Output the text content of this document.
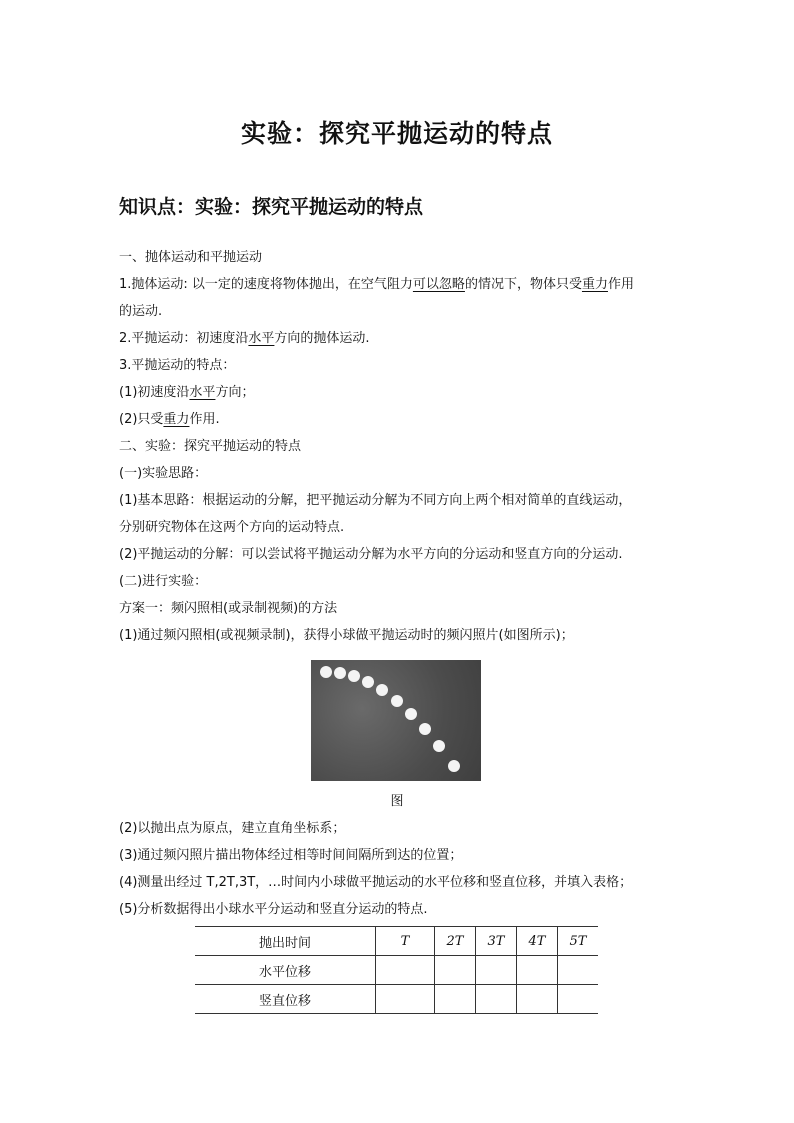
实验：探究平抛运动的特点
知识点：实验：探究平抛运动的特点

一、抛体运动和平抛运动

1.抛体运动: 以一定的速度将物体抛出，在空气阻力可以忽略的情况下，物体只受重力作用

的运动.

2.平抛运动：初速度沿水平方向的抛体运动.

3.平抛运动的特点：

(1)初速度沿水平方向；

(2)只受重力作用.

二、实验：探究平抛运动的特点

(一)实验思路：

(1)基本思路：根据运动的分解，把平抛运动分解为不同方向上两个相对简单的直线运动，

分别研究物体在这两个方向的运动特点.

(2)平抛运动的分解：可以尝试将平抛运动分解为水平方向的分运动和竖直方向的分运动.

(二)进行实验：

方案一：频闪照相(或录制视频)的方法

(1)通过频闪照相(或视频录制)，获得小球做平抛运动时的频闪照片(如图所示)；

图

(2)以抛出点为原点，建立直角坐标系；

(3)通过频闪照片描出物体经过相等时间间隔所到达的位置；

(4)测量出经过 T,2T,3T，…时间内小球做平抛运动的水平位移和竖直位移，并填入表格；

(5)分析数据得出小球水平分运动和竖直分运动的特点.

抛出时间	T	2T	3T	4T	5T
水平位移					
竖直位移					
